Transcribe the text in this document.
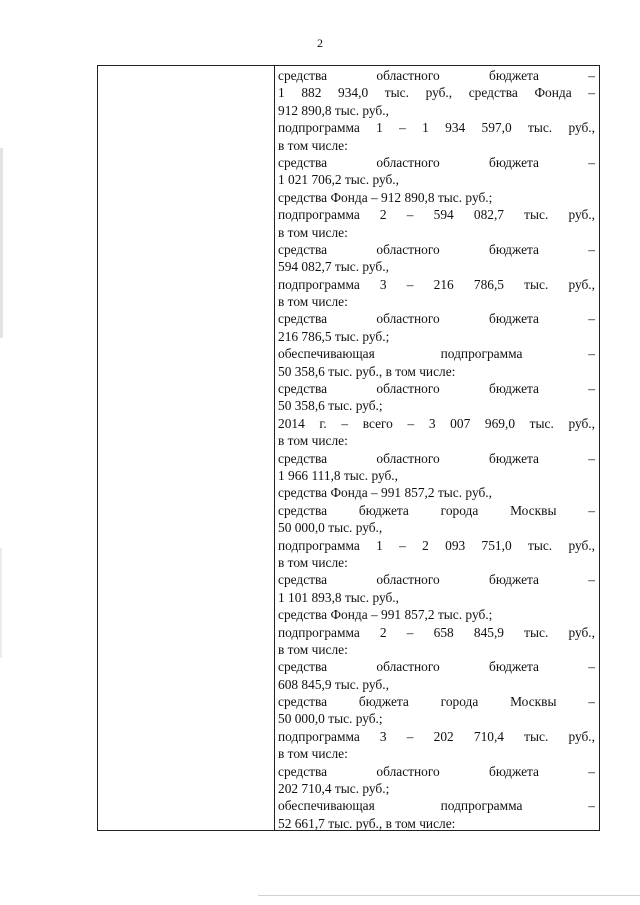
2
средства областного бюджета –
1 882 934,0 тыс. руб., средства Фонда –
912 890,8 тыс. руб.,
подпрограмма 1 – 1 934 597,0 тыс. руб.,
в том числе:
средства областного бюджета –
1 021 706,2 тыс. руб.,
средства Фонда – 912 890,8 тыс. руб.;
подпрограмма 2 – 594 082,7 тыс. руб.,
в том числе:
средства областного бюджета –
594 082,7 тыс. руб.,
подпрограмма 3 – 216 786,5 тыс. руб.,
в том числе:
средства областного бюджета –
216 786,5 тыс. руб.;
обеспечивающая подпрограмма –
50 358,6 тыс. руб., в том числе:
средства областного бюджета –
50 358,6 тыс. руб.;
2014 г. – всего – 3 007 969,0 тыс. руб.,
в том числе:
средства областного бюджета –
1 966 111,8 тыс. руб.,
средства Фонда – 991 857,2 тыс. руб.,
средства бюджета города Москвы –
50 000,0 тыс. руб.,
подпрограмма 1 – 2 093 751,0 тыс. руб.,
в том числе:
средства областного бюджета –
1 101 893,8 тыс. руб.,
средства Фонда – 991 857,2 тыс. руб.;
подпрограмма 2 – 658 845,9 тыс. руб.,
в том числе:
средства областного бюджета –
608 845,9 тыс. руб.,
средства бюджета города Москвы –
50 000,0 тыс. руб.;
подпрограмма 3 – 202 710,4 тыс. руб.,
в том числе:
средства областного бюджета –
202 710,4 тыс. руб.;
обеспечивающая подпрограмма –
52 661,7 тыс. руб., в том числе:
